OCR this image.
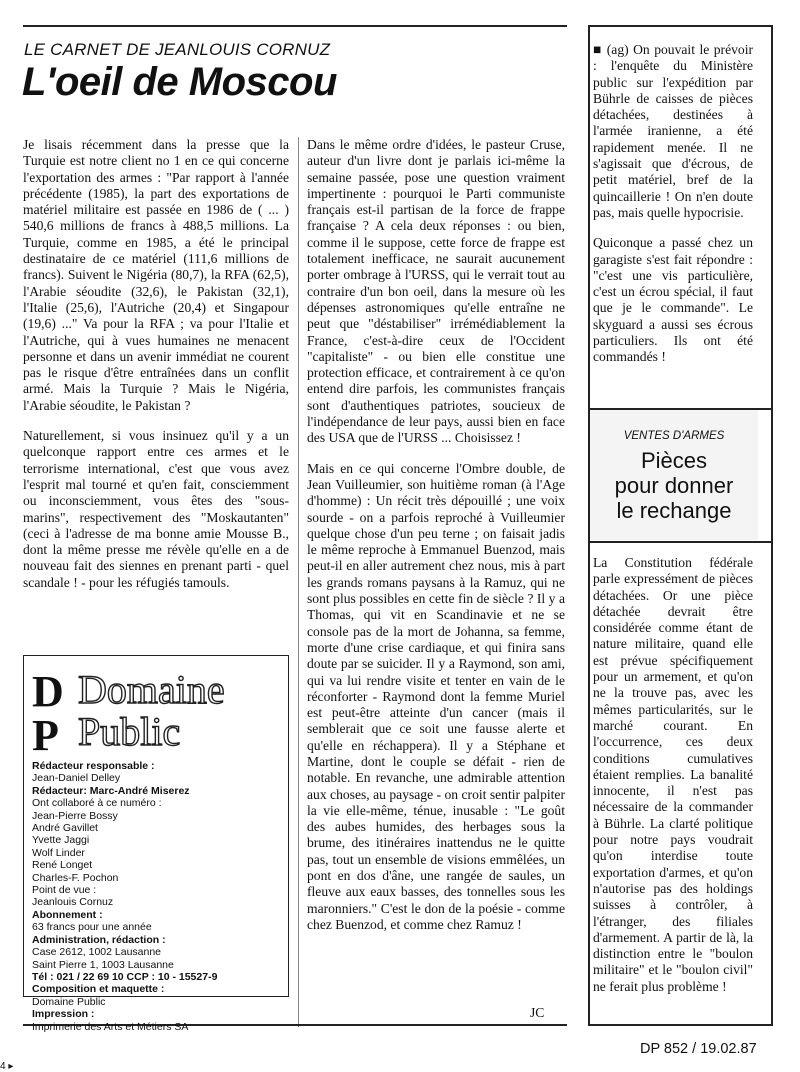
LE CARNET DE JEANLOUIS CORNUZ
L'oeil de Moscou

Je lisais récemment dans la presse que la Turquie est notre client no 1 en ce qui concerne l'exportation des armes : "Par rapport à l'année précédente (1985), la part des exportations de matériel militaire est passée en 1986 de ( ... ) 540,6 millions de francs à 488,5 millions. La Turquie, comme en 1985, a été le principal destinataire de ce matériel (111,6 millions de francs). Suivent le Nigéria (80,7), la RFA (62,5), l'Arabie séoudite (32,6), le Pakistan (32,1), l'Italie (25,6), l'Autriche (20,4) et Singapour (19,6) ..." Va pour la RFA ; va pour l'Italie et l'Autriche, qui à vues humaines ne menacent personne et dans un avenir immédiat ne courent pas le risque d'être entraînées dans un conflit armé. Mais la Turquie ? Mais le Nigéria, l'Arabie séoudite, le Pakistan ?

Naturellement, si vous insinuez qu'il y a un quelconque rapport entre ces armes et le terrorisme international, c'est que vous avez l'esprit mal tourné et qu'en fait, consciemment ou inconsciemment, vous êtes des "sous-marins", respectivement des "Moskautanten" (ceci à l'adresse de ma bonne amie Mousse B., dont la même presse me révèle qu'elle en a de nouveau fait des siennes en prenant parti - quel scandale ! - pour les réfugiés tamouls.

Dans le même ordre d'idées, le pasteur Cruse, auteur d'un livre dont je parlais ici-même la semaine passée, pose une question vraiment impertinente : pourquoi le Parti communiste français est-il partisan de la force de frappe française ? A cela deux réponses : ou bien, comme il le suppose, cette force de frappe est totalement inefficace, ne saurait aucunement porter ombrage à l'URSS, qui le verrait tout au contraire d'un bon oeil, dans la mesure où les dépenses astronomiques qu'elle entraîne ne peut que "déstabiliser" irrémédiablement la France, c'est-à-dire ceux de l'Occident "capitaliste" - ou bien elle constitue une protection efficace, et contrairement à ce qu'on entend dire parfois, les communistes français sont d'authentiques patriotes, soucieux de l'indépendance de leur pays, aussi bien en face des USA que de l'URSS ... Choisissez !

Mais en ce qui concerne l'Ombre double, de Jean Vuilleumier, son huitième roman (à l'Age d'homme) : Un récit très dépouillé ; une voix sourde - on a parfois reproché à Vuilleumier quelque chose d'un peu terne ; on faisait jadis le même reproche à Emmanuel Buenzod, mais peut-il en aller autrement chez nous, mis à part les grands romans paysans à la Ramuz, qui ne sont plus possibles en cette fin de siècle ? Il y a Thomas, qui vit en Scandinavie et ne se console pas de la mort de Johanna, sa femme, morte d'une crise cardiaque, et qui finira sans doute par se suicider. Il y a Raymond, son ami, qui va lui rendre visite et tenter en vain de le réconforter - Raymond dont la femme Muriel est peut-être atteinte d'un cancer (mais il semblerait que ce soit une fausse alerte et qu'elle en réchappera). Il y a Stéphane et Martine, dont le couple se défait - rien de notable. En revanche, une admirable attention aux choses, au paysage - on croit sentir palpiter la vie elle-même, ténue, inusable : "Le goût des aubes humides, des herbages sous la brume, des itinéraires inattendus ne le quitte pas, tout un ensemble de visions emmêlées, un pont en dos d'âne, une rangée de saules, un fleuve aux eaux basses, des tonnelles sous les maronniers." C'est le don de la poésie - comme chez Buenzod, et comme chez Ramuz !

JC

■ (ag) On pouvait le prévoir : l'enquête du Ministère public sur l'expédition par Bührle de caisses de pièces détachées, destinées à l'armée iranienne, a été rapidement menée. Il ne s'agissait que d'écrous, de petit matériel, bref de la quincaillerie ! On n'en doute pas, mais quelle hypocrisie.

Quiconque a passé chez un garagiste s'est fait répondre : "c'est une vis particulière, c'est un écrou spécial, il faut que je le commande". Le skyguard a aussi ses écrous particuliers. Ils ont été commandés !

VENTES D'ARMES
Pièces
pour donner
le rechange

La Constitution fédérale parle expressément de pièces détachées. Or une pièce détachée devrait être considérée comme étant de nature militaire, quand elle est prévue spécifiquement pour un armement, et qu'on ne la trouve pas, avec les mêmes particularités, sur le marché courant. En l'occurrence, ces deux conditions cumulatives étaient remplies. La banalité innocente, il n'est pas nécessaire de la commander à Bührle. La clarté politique pour notre pays voudrait qu'on interdise toute exportation d'armes, et qu'on n'autorise pas des holdings suisses à contrôler, à l'étranger, des filiales d'armement. A partir de là, la distinction entre le "boulon militaire" et le "boulon civil" ne ferait plus problème !

D
P
Domaine
Public
Rédacteur responsable :
Jean-Daniel Delley
Rédacteur: Marc-André Miserez
Ont collaboré à ce numéro :
Jean-Pierre Bossy
André Gavillet
Yvette Jaggi
Wolf Linder
René Longet
Charles-F. Pochon
Point de vue :
Jeanlouis Cornuz
Abonnement :
63 francs pour une année
Administration, rédaction :
Case 2612, 1002 Lausanne
Saint Pierre 1, 1003 Lausanne
Tél : 021 / 22 69 10 CCP : 10 - 15527-9
Composition et maquette :
Domaine Public
Impression :
Imprimerie des Arts et Métiers SA
DP 852 / 19.02.87
4 ▸
